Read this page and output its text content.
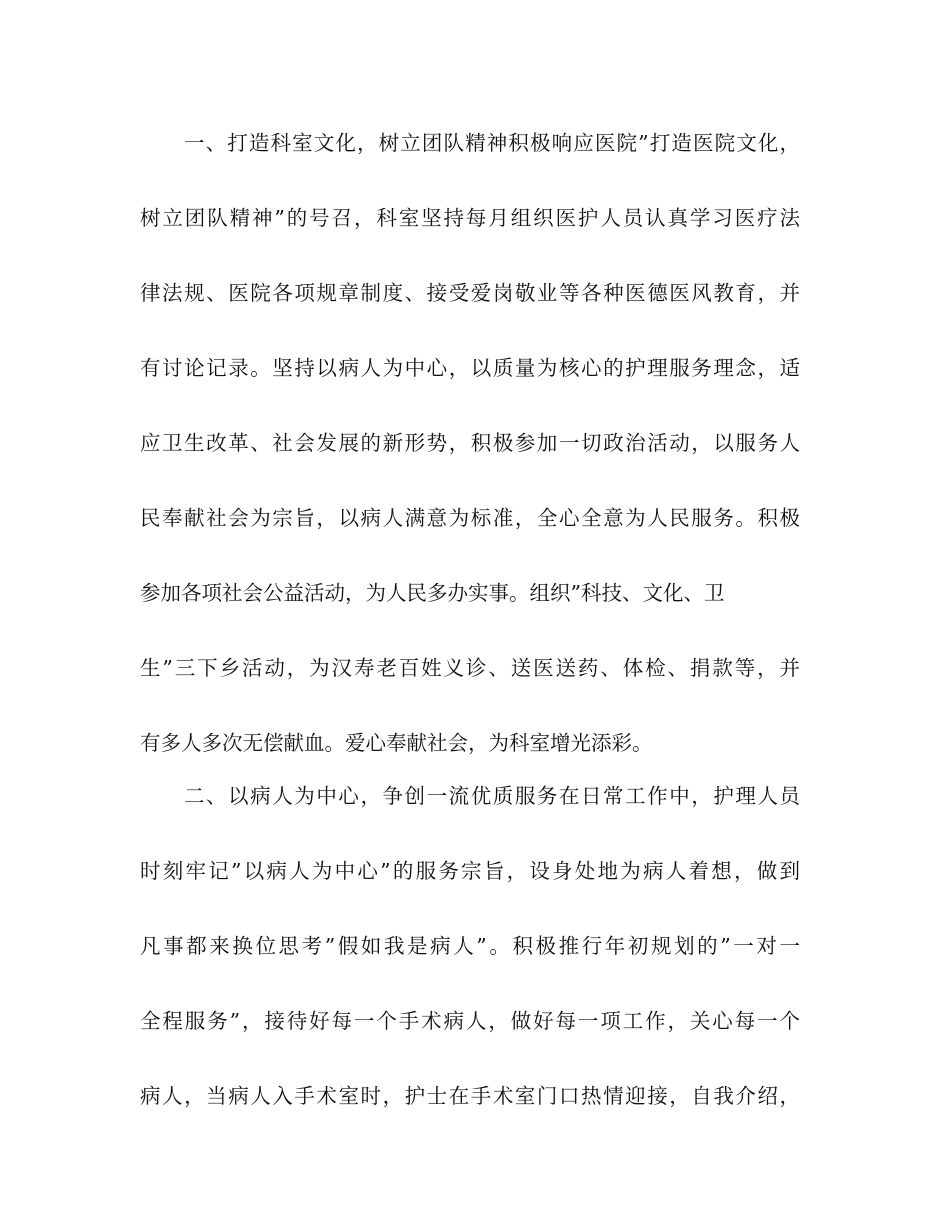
一、打造科室文化，树立团队精神积极响应医院”打造医院文化，
树立团队精神”的号召，科室坚持每月组织医护人员认真学习医疗法
律法规、医院各项规章制度、接受爱岗敬业等各种医德医风教育，并
有讨论记录。坚持以病人为中心，以质量为核心的护理服务理念，适
应卫生改革、社会发展的新形势，积极参加一切政治活动，以服务人
民奉献社会为宗旨，以病人满意为标准，全心全意为人民服务。积极
参加各项社会公益活动，为人民多办实事。组织”科技、文化、卫
生”三下乡活动，为汉寿老百姓义诊、送医送药、体检、捐款等，并
有多人多次无偿献血。爱心奉献社会，为科室增光添彩。
二、以病人为中心，争创一流优质服务在日常工作中，护理人员
时刻牢记”以病人为中心”的服务宗旨，设身处地为病人着想，做到
凡事都来换位思考”假如我是病人”。积极推行年初规划的”一对一
全程服务”，接待好每一个手术病人，做好每一项工作，关心每一个
病人，当病人入手术室时，护士在手术室门口热情迎接，自我介绍，
